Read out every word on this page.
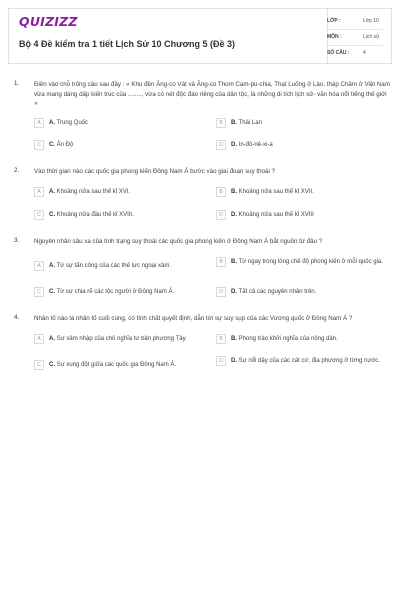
QUIZIZZ
Bộ 4 Đề kiểm tra 1 tiết Lịch Sử 10 Chương 5 (Đề 3)
LỚP :	Lớp 10
MÔN :	Lịch sử
SỐ CÂU :	4
1. Điền vào chỗ trống câu sau đây : « Khu đền Ăng-co Vát và Ăng-co Thom Cam-pu-chia, Thạt Luống ở Lào, tháp Chăm ở Việt Nam vừa mang dáng dấp kiến trúc của ........, vừa có nét độc đáo riêng của dân tộc, là những di tích lịch sử- văn hóa nổi tiếng thế giới »
A	A. Trung Quốc	B	B. Thái Lan
C	C. Ấn Độ	D	D. In-đô-nê-xi-a
2. Vào thời gian nào các quốc gia phong kiến Đông Nam Á bước vào giai đoạn suy thoái ?
A	A. Khoảng nửa sau thế kỉ XVI.	B	B. Khoảng nửa sau thế kỉ XVII.
C	C. Khoảng nửa đầu thế kỉ XVIII.	D	D. Khoảng nửa sau thế kỉ XVIII
3. Nguyên nhân sâu xa của tình trạng suy thoái các quốc gia phong kiến ở Đông Nam Á bắt nguồn từ đâu ?
A	A. Từ sự tấn công của các thế lực ngoại xâm.
B	B. Từ ngay trong lòng chế độ phong kiến ở mỗi quốc gia.
C	C. Từ sự chia rẽ các tộc người ở Đông Nam Á.	D	D. Tất cả các nguyên nhân trên.
4. Nhân tố nào là nhân tố cuối cùng, có tính chất quyết định, dẫn tới sự suy sụp của các Vương quốc ở Đông Nam Á ?
A	A. Sự xâm nhập của chủ nghĩa tư bản phương Tây.	B	B. Phong trào khởi nghĩa của nông dân.
C	C. Sự xung đột giữa các quốc gia Đông Nam Á.
D	D. Sự nổi dậy của các cát cứ, địa phương ở từng nước.
